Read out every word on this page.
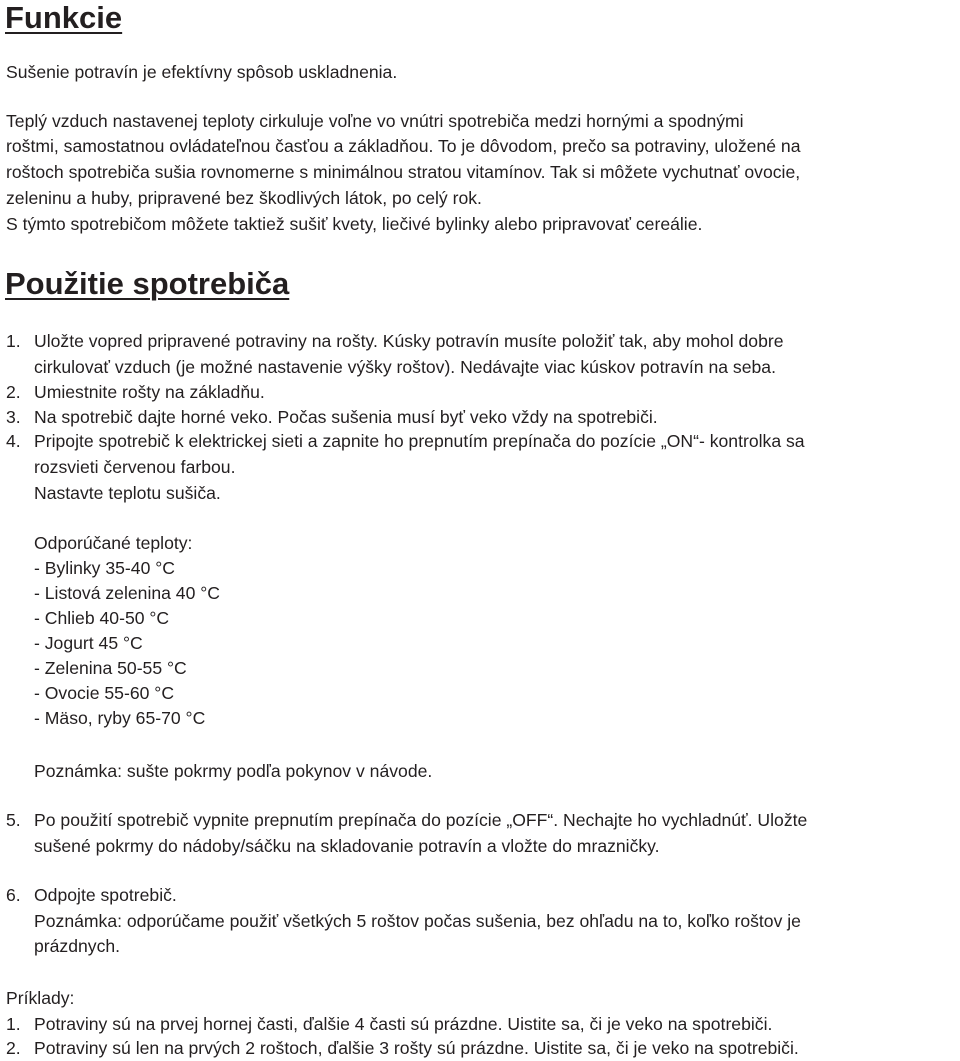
Funkcie

Sušenie potravín je efektívny spôsob uskladnenia.

Teplý vzduch nastavenej teploty cirkuluje voľne vo vnútri spotrebiča medzi hornými a spodnými

roštmi, samostatnou ovládateľnou časťou a základňou. To je dôvodom, prečo sa potraviny, uložené na

roštoch spotrebiča sušia rovnomerne s minimálnou stratou vitamínov. Tak si môžete vychutnať ovocie,

zeleninu a huby, pripravené bez škodlivých látok, po celý rok.

S týmto spotrebičom môžete taktiež sušiť kvety, liečivé bylinky alebo pripravovať cereálie.

Použitie spotrebiča

1. Uložte vopred pripravené potraviny na rošty. Kúsky potravín musíte položiť tak, aby mohol dobre

cirkulovať vzduch (je možné nastavenie výšky roštov). Nedávajte viac kúskov potravín na seba.

2. Umiestnite rošty na základňu.

3. Na spotrebič dajte horné veko. Počas sušenia musí byť veko vždy na spotrebiči.

4. Pripojte spotrebič k elektrickej sieti a zapnite ho prepnutím prepínača do pozície „ON“- kontrolka sa

rozsvieti červenou farbou.

Nastavte teplotu sušiča.

Odporúčané teploty:

- Bylinky 35-40 °C

- Listová zelenina 40 °C

- Chlieb 40-50 °C

- Jogurt 45 °C

- Zelenina 50-55 °C

- Ovocie 55-60 °C

- Mäso, ryby 65-70 °C

Poznámka: sušte pokrmy podľa pokynov v návode.

5. Po použití spotrebič vypnite prepnutím prepínača do pozície „OFF“. Nechajte ho vychladnúť. Uložte

sušené pokrmy do nádoby/sáčku na skladovanie potravín a vložte do mrazničky.

6. Odpojte spotrebič.

Poznámka: odporúčame použiť všetkých 5 roštov počas sušenia, bez ohľadu na to, koľko roštov je

prázdnych.

Príklady:

1. Potraviny sú na prvej hornej časti, ďalšie 4 časti sú prázdne. Uistite sa, či je veko na spotrebiči.

2. Potraviny sú len na prvých 2 roštoch, ďalšie 3 rošty sú prázdne. Uistite sa, či je veko na spotrebiči.
